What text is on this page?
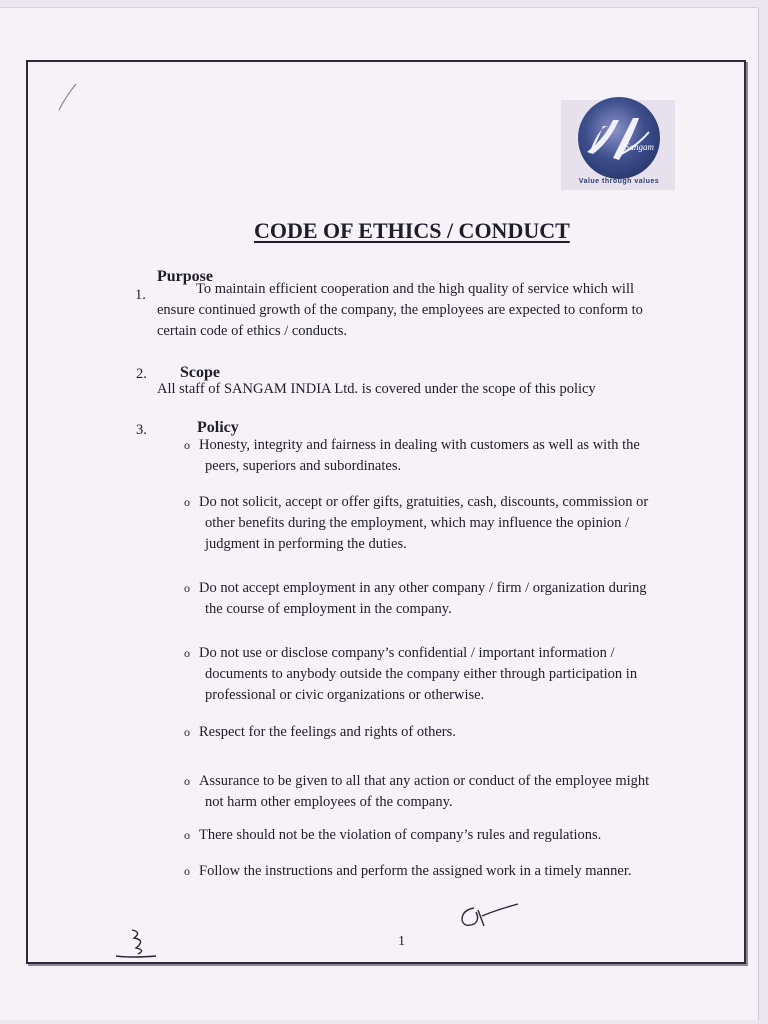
Sangam
Value through values
CODE OF ETHICS / CONDUCT
Purpose
1.	To maintain efficient cooperation and the high quality of service which will
ensure continued growth of the company, the employees are expected to conform to
certain code of ethics / conducts.
2. Scope
All staff of SANGAM INDIA Ltd. is covered under the scope of this policy
3.	Policy
o Honesty, integrity and fairness in dealing with customers as well as with the
peers, superiors and subordinates.
o Do not solicit, accept or offer gifts, gratuities, cash, discounts, commission or
other benefits during the employment, which may influence the opinion /
judgment in performing the duties.
o Do not accept employment in any other company / firm / organization during
the course of employment in the company.
o Do not use or disclose company’s confidential / important information /
documents to anybody outside the company either through participation in
professional or civic organizations or otherwise.
o Respect for the feelings and rights of others.
o Assurance to be given to all that any action or conduct of the employee might
not harm other employees of the company.
o There should not be the violation of company’s rules and regulations.
o Follow the instructions and perform the assigned work in a timely manner.
1
